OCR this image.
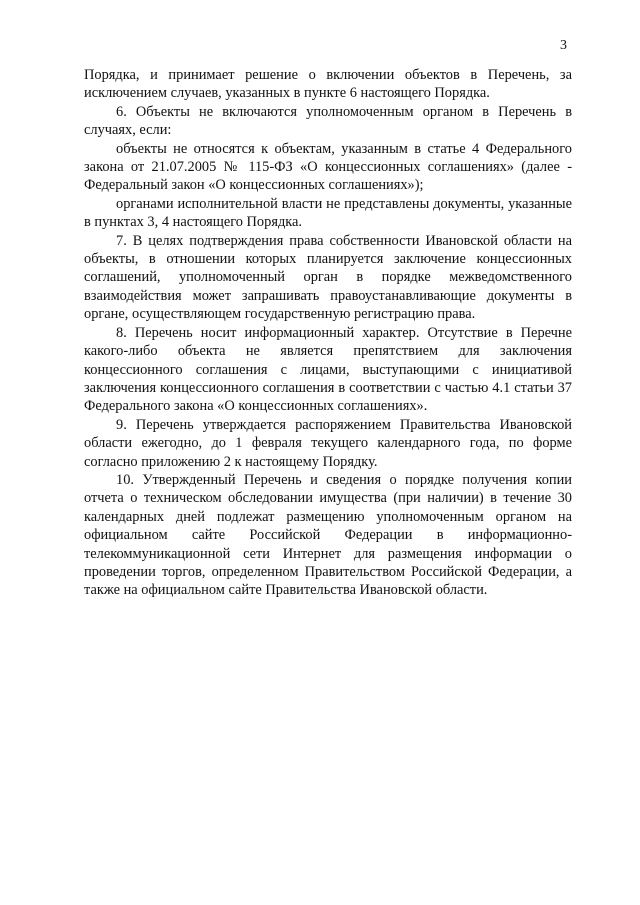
3

Порядка, и принимает решение о включении объектов в Перечень, за исключением случаев, указанных в пункте 6 настоящего Порядка.

6. Объекты не включаются уполномоченным органом в Перечень в случаях, если:

объекты не относятся к объектам, указанным в статье 4 Федерального закона от 21.07.2005 № 115-ФЗ «О концессионных соглашениях» (далее - Федеральный закон «О концессионных соглашениях»);

органами исполнительной власти не представлены документы, указанные в пунктах 3, 4 настоящего Порядка.

7. В целях подтверждения права собственности Ивановской области на объекты, в отношении которых планируется заключение концессионных соглашений, уполномоченный орган в порядке межведомственного взаимодействия может запрашивать правоустанавливающие документы в органе, осуществляющем государственную регистрацию права.

8. Перечень носит информационный характер. Отсутствие в Перечне какого-либо объекта не является препятствием для заключения концессионного соглашения с лицами, выступающими с инициативой заключения концессионного соглашения в соответствии с частью 4.1 статьи 37 Федерального закона «О концессионных соглашениях».

9. Перечень утверждается распоряжением Правительства Ивановской области ежегодно, до 1 февраля текущего календарного года, по форме согласно приложению 2 к настоящему Порядку.

10. Утвержденный Перечень и сведения о порядке получения копии отчета о техническом обследовании имущества (при наличии) в течение 30 календарных дней подлежат размещению уполномоченным органом на официальном сайте Российской Федерации в информационно-телекоммуникационной сети Интернет для размещения информации о проведении торгов, определенном Правительством Российской Федерации, а также на официальном сайте Правительства Ивановской области.
